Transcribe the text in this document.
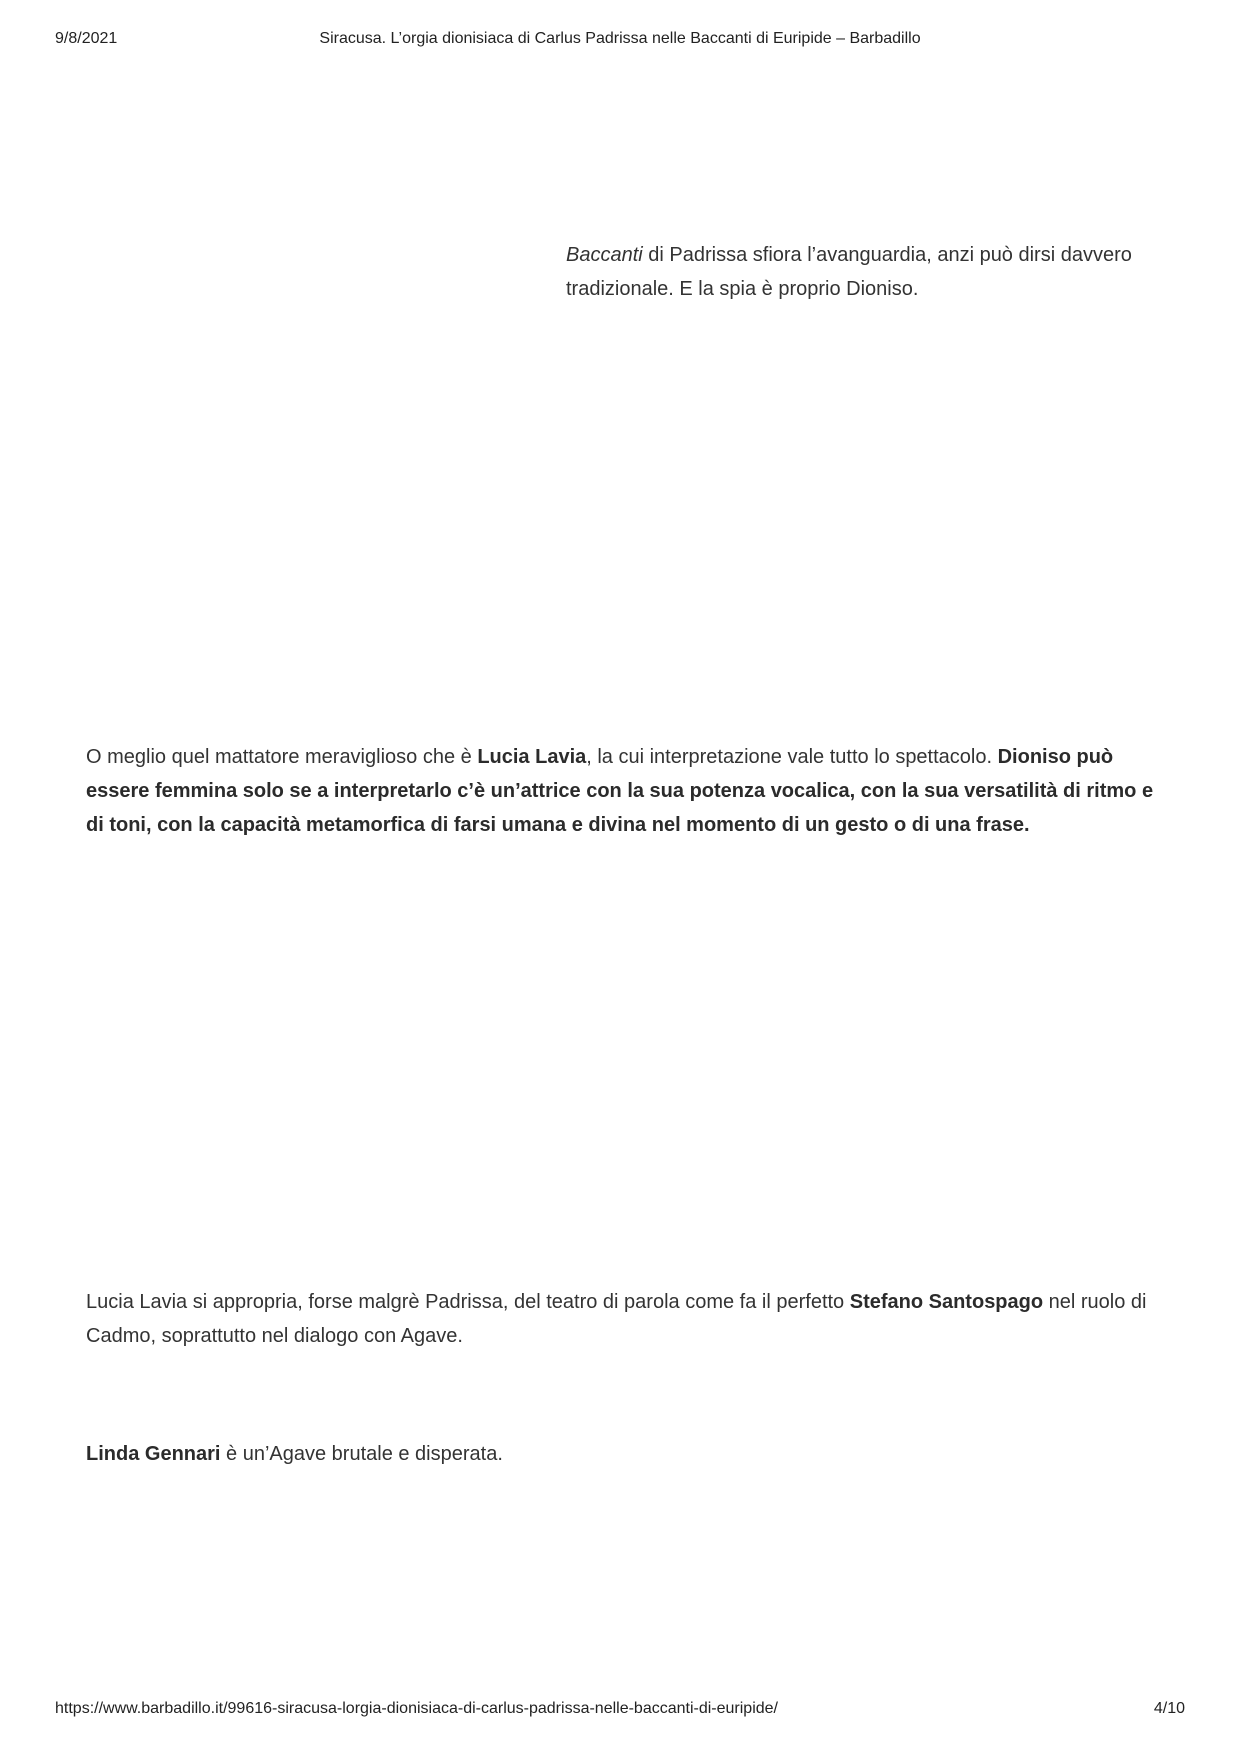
9/8/2021	Siracusa. L’orgia dionisiaca di Carlus Padrissa nelle Baccanti di Euripide – Barbadillo

Baccanti di Padrissa sfiora l’avanguardia, anzi può dirsi davvero tradizionale. E la spia è proprio Dioniso.

O meglio quel mattatore meraviglioso che è Lucia Lavia, la cui interpretazione vale tutto lo spettacolo. Dioniso può essere femmina solo se a interpretarlo c’è un’attrice con la sua potenza vocalica, con la sua versatilità di ritmo e di toni, con la capacità metamorfica di farsi umana e divina nel momento di un gesto o di una frase.

Lucia Lavia si appropria, forse malgrè Padrissa, del teatro di parola come fa il perfetto Stefano Santospago nel ruolo di Cadmo, soprattutto nel dialogo con Agave.

Linda Gennari è un’Agave brutale e disperata.

https://www.barbadillo.it/99616-siracusa-lorgia-dionisiaca-di-carlus-padrissa-nelle-baccanti-di-euripide/	4/10
